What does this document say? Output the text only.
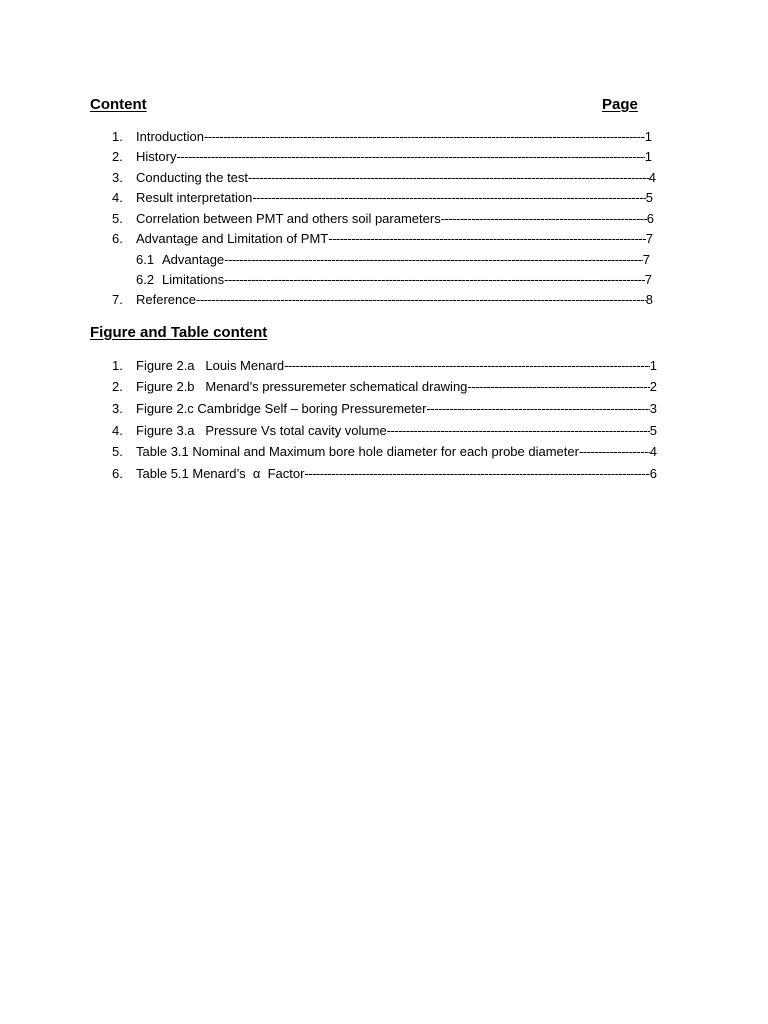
Content	Page
1.	Introduction -----	1
2.	History -----	1
3.	Conducting the test -----	4
4.	Result interpretation -----	5
5.	Correlation between PMT and others soil parameters -----	6
6.	Advantage and Limitation of PMT -----	7
6.1 Advantage -----	7
6.2 Limitations -----	7
7.	Reference -----	8
Figure and Table content
1.	Figure 2.a   Louis Menard -----	1
2.	Figure 2.b   Menard’s pressuremeter schematical drawing -----	2
3.	Figure 2.c Cambridge Self – boring Pressuremeter -----	3
4.	Figure 3.a   Pressure Vs total cavity volume -----	5
5.	Table 3.1 Nominal and Maximum bore hole diameter for each probe diameter -----	4
6.	Table 5.1 Menard’s  α  Factor -----	6
